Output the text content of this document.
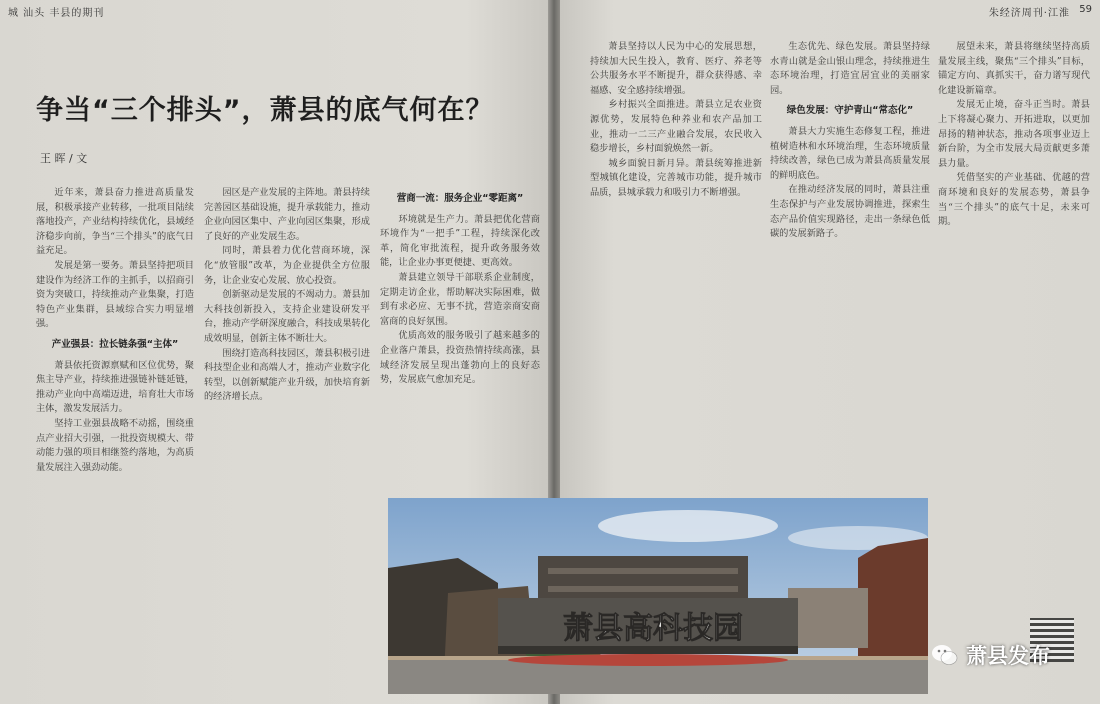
城 汕头 丰县的期刊
争当“三个排头”，萧县的底气何在？
王 晖 / 文

近年来，萧县奋力推进高质量发展，积极承接产业转移，一批项目陆续落地投产，产业结构持续优化，县域经济稳步向前，争当“三个排头”的底气日益充足。

发展是第一要务。萧县坚持把项目建设作为经济工作的主抓手，以招商引资为突破口，持续推动产业集聚，打造特色产业集群，县域综合实力明显增强。

产业强县：拉长链条强“主体”

萧县依托资源禀赋和区位优势，聚焦主导产业，持续推进强链补链延链，推动产业向中高端迈进，培育壮大市场主体，激发发展活力。

坚持工业强县战略不动摇，围绕重点产业招大引强，一批投资规模大、带动能力强的项目相继签约落地，为高质量发展注入强劲动能。

园区是产业发展的主阵地。萧县持续完善园区基础设施，提升承载能力，推动企业向园区集中、产业向园区集聚，形成了良好的产业发展生态。

同时，萧县着力优化营商环境，深化“放管服”改革，为企业提供全方位服务，让企业安心发展、放心投资。

创新驱动是发展的不竭动力。萧县加大科技创新投入，支持企业建设研发平台，推动产学研深度融合，科技成果转化成效明显，创新主体不断壮大。

围绕打造高科技园区，萧县积极引进科技型企业和高端人才，推动产业数字化转型，以创新赋能产业升级，加快培育新的经济增长点。

营商一流：服务企业“零距离”

环境就是生产力。萧县把优化营商环境作为“一把手”工程，持续深化改革，简化审批流程，提升政务服务效能，让企业办事更便捷、更高效。

萧县建立领导干部联系企业制度，定期走访企业，帮助解决实际困难，做到有求必应、无事不扰，营造亲商安商富商的良好氛围。

优质高效的服务吸引了越来越多的企业落户萧县，投资热情持续高涨，县域经济发展呈现出蓬勃向上的良好态势，发展底气愈加充足。

朱经济周刊·江淮 59

萧县坚持以人民为中心的发展思想，持续加大民生投入，教育、医疗、养老等公共服务水平不断提升，群众获得感、幸福感、安全感持续增强。

乡村振兴全面推进。萧县立足农业资源优势，发展特色种养业和农产品加工业，推动一二三产业融合发展，农民收入稳步增长，乡村面貌焕然一新。

城乡面貌日新月异。萧县统筹推进新型城镇化建设，完善城市功能，提升城市品质，县城承载力和吸引力不断增强。

生态优先、绿色发展。萧县坚持绿水青山就是金山银山理念，持续推进生态环境治理，打造宜居宜业的美丽家园。

绿色发展：守护青山“常态化”

萧县大力实施生态修复工程，推进植树造林和水环境治理，生态环境质量持续改善，绿色已成为萧县高质量发展的鲜明底色。

在推动经济发展的同时，萧县注重生态保护与产业发展协调推进，探索生态产品价值实现路径，走出一条绿色低碳的发展新路子。

展望未来，萧县将继续坚持高质量发展主线，聚焦“三个排头”目标，锚定方向、真抓实干，奋力谱写现代化建设新篇章。

发展无止境，奋斗正当时。萧县上下将凝心聚力、开拓进取，以更加昂扬的精神状态，推动各项事业迈上新台阶，为全市发展大局贡献更多萧县力量。

凭借坚实的产业基础、优越的营商环境和良好的发展态势，萧县争当“三个排头”的底气十足，未来可期。

萧县高科技园
萧县发布
